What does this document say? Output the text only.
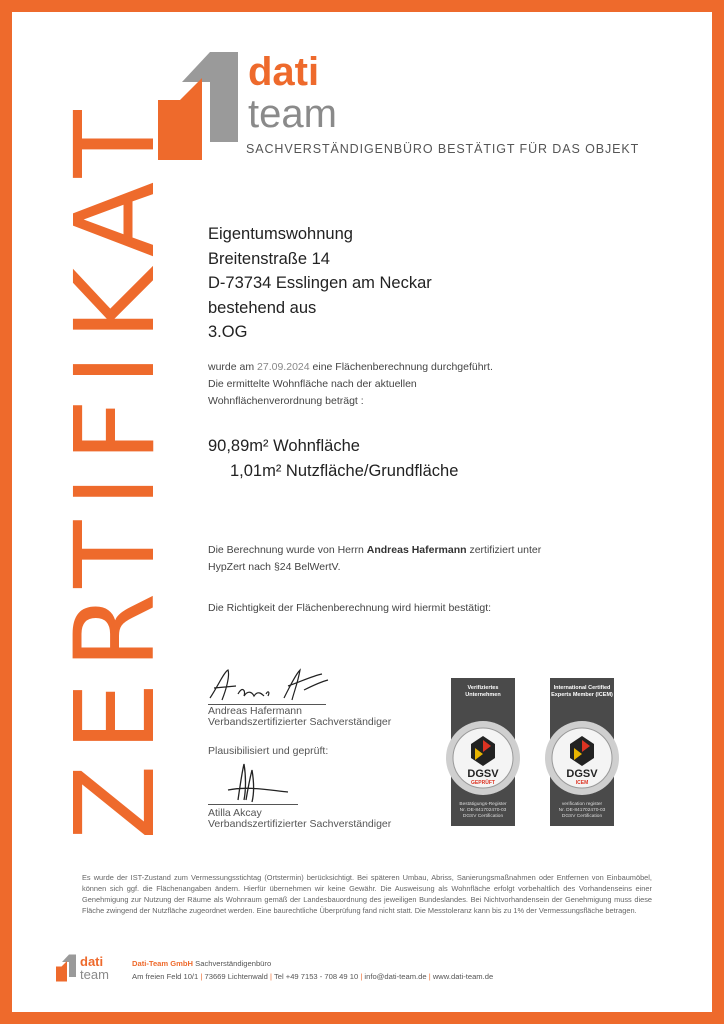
dati
team
SACHVERSTÄNDIGENBÜRO BESTÄTIGT FÜR DAS OBJEKT
ZERTIFIKAT Eigentumswohnung
Breitenstraße 14
D-73734 Esslingen am Neckar
bestehend aus
3.OG
wurde am 27.09.2024 eine Flächenberechnung durchgeführt.
Die ermittelte Wohnfläche nach der aktuellen
Wohnflächenverordnung beträgt :
90,89m² Wohnfläche
1,01m² Nutzfläche/Grundfläche
Die Berechnung wurde von Herrn Andreas Hafermann zertifiziert unter
HypZert nach §24 BelWertV.
Die Richtigkeit der Flächenberechnung wird hiermit bestätigt:
Andreas Hafermann
Verbandszertifizierter Sachverständiger
Plausibilisiert und geprüft:
Atilla Akcay
Verbandszertifizierter Sachverständiger
Verifiziertes Unternehmen
DGSV
GEPRÜFT
Bestätigungs-Register
Nr. DE-841702470-03
DGSV Certification
International Certified Experts Member (ICEM)
DGSV
ICEM
verification register
Nr. DE-841702470-03
DGSV Certification
Es wurde der IST-Zustand zum Vermessungsstichtag (Ortstermin) berücksichtigt. Bei späteren Umbau, Abriss, Sanierungsmaßnahmen oder Entfernen von Einbaumöbel, können sich ggf. die Flächenangaben ändern. Hierfür übernehmen wir keine Gewähr. Die Ausweisung als Wohnfläche erfolgt vorbehaltlich des Vorhandenseins einer Genehmigung zur Nutzung der Räume als Wohnraum gemäß der Landesbauordnung des jeweiligen Bundeslandes. Bei Nichtvorhandensein der Genehmigung muss diese Fläche zwingend der Nutzfläche zugeordnet werden. Eine baurechtliche Überprüfung fand nicht statt. Die Messtoleranz kann bis zu 1% der Vermessungsfläche betragen.
dati
team
Dati-Team GmbH Sachverständigenbüro
Am freien Feld 10/1 | 73669 Lichtenwald | Tel +49 7153 - 708 49 10 | info@dati-team.de | www.dati-team.de
